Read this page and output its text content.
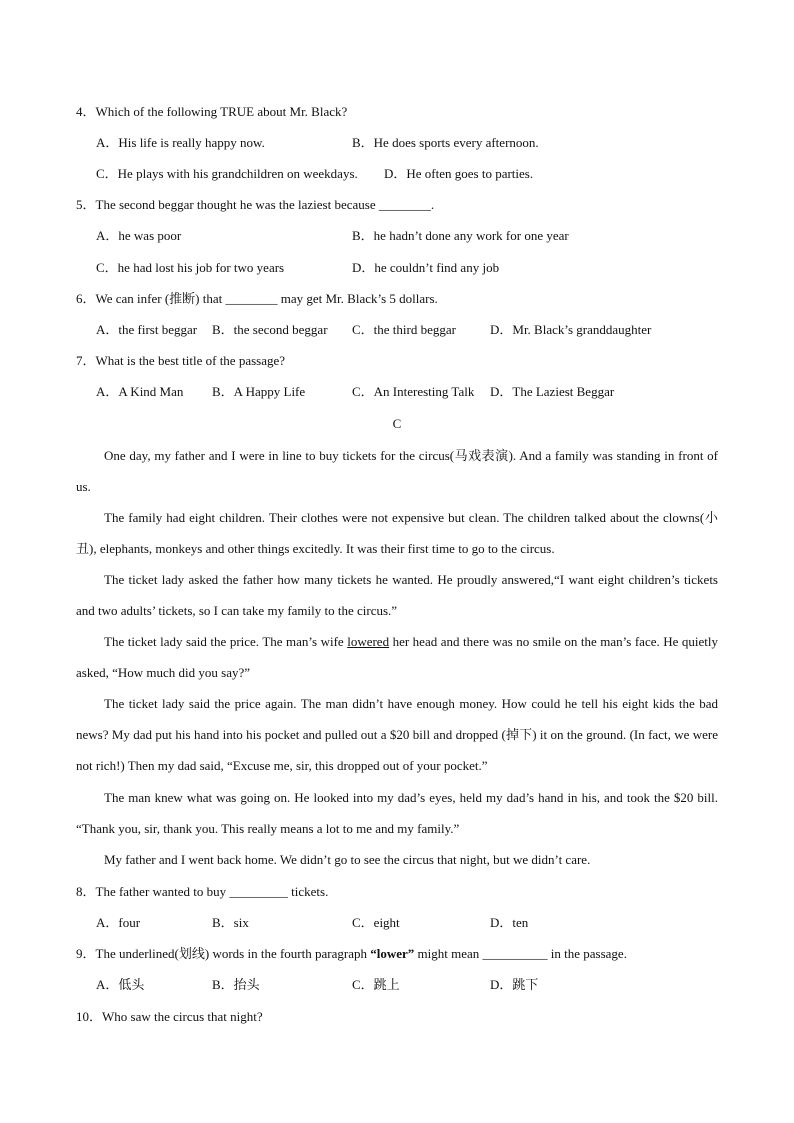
4．Which of the following TRUE about Mr. Black?
A．His life is really happy now.	B．He does sports every afternoon.
C．He plays with his grandchildren on weekdays. D．He often goes to parties.
5．The second beggar thought he was the laziest because ________.
A．he was poor	B．he hadn’t done any work for one year
C．he had lost his job for two years	D．he couldn’t find any job
6．We can infer (推断) that ________ may get Mr. Black’s 5 dollars.
A．the first beggar B．the second beggar C．the third beggar	D．Mr. Black’s granddaughter
7．What is the best title of the passage?
A．A Kind Man B．A Happy Life	C．An Interesting Talk D．The Laziest Beggar
C

One day, my father and I were in line to buy tickets for the circus(马戏表演). And a family was standing in front of us.

The family had eight children. Their clothes were not expensive but clean. The children talked about the clowns(小丑), elephants, monkeys and other things excitedly. It was their first time to go to the circus.

The ticket lady asked the father how many tickets he wanted. He proudly answered,“I want eight children’s tickets and two adults’ tickets, so I can take my family to the circus.”

The ticket lady said the price. The man’s wife lowered her head and there was no smile on the man’s face. He quietly asked, “How much did you say?”

The ticket lady said the price again. The man didn’t have enough money. How could he tell his eight kids the bad news? My dad put his hand into his pocket and pulled out a $20 bill and dropped (掉下) it on the ground. (In fact, we were not rich!) Then my dad said, “Excuse me, sir, this dropped out of your pocket.”

The man knew what was going on. He looked into my dad’s eyes, held my dad’s hand in his, and took the $20 bill. “Thank you, sir, thank you. This really means a lot to me and my family.”

My father and I went back home. We didn’t go to see the circus that night, but we didn’t care.

8．The father wanted to buy _________ tickets.
A．four	B．six	C．eight	D．ten
9．The underlined(划线) words in the fourth paragraph “lower” might mean __________ in the passage.
A．低头	B．抬头	C．跳上	D．跳下
10．Who saw the circus that night?
